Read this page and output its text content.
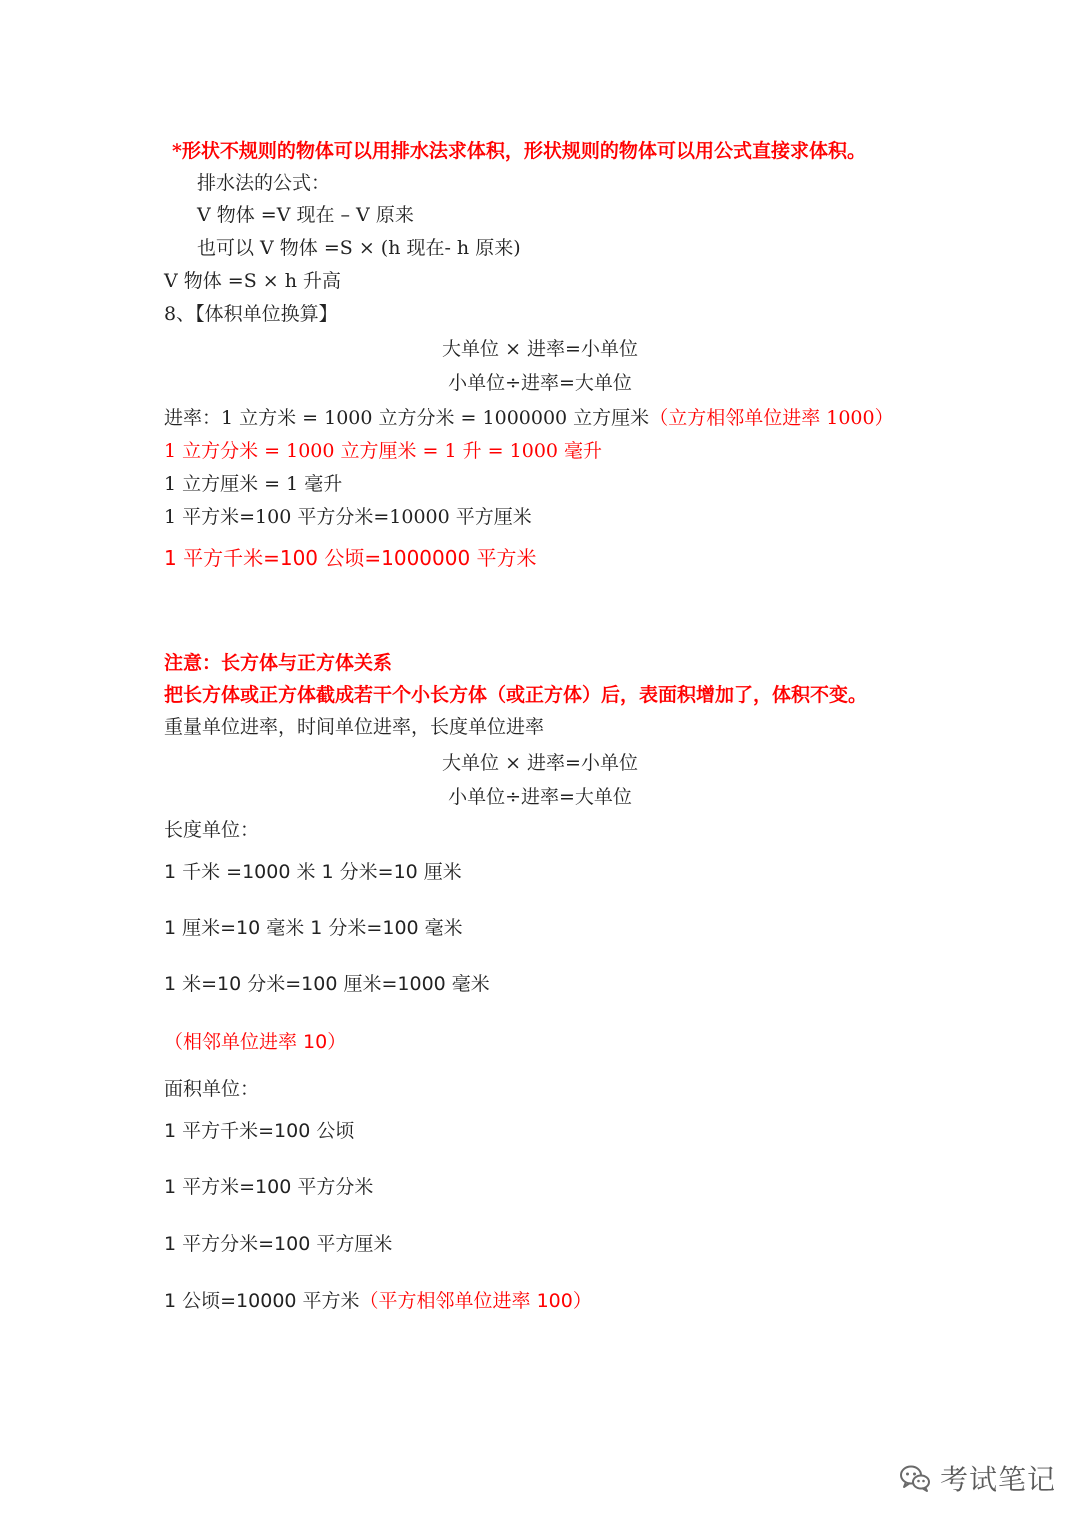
*形状不规则的物体可以用排水法求体积，形状规则的物体可以用公式直接求体积。
排水法的公式：
V 物体 =V 现在 – V 原来
也可以 V 物体 =S × (h 现在- h 原来)
V 物体 =S × h 升高
8、【体积单位换算】
大单位 × 进率=小单位
小单位÷进率=大单位
进率：1 立方米 = 1000 立方分米 = 1000000 立方厘米（立方相邻单位进率 1000）
1 立方分米 = 1000 立方厘米 = 1 升 = 1000 毫升
1 立方厘米 = 1 毫升
1 平方米=100 平方分米=10000 平方厘米
1 平方千米=100 公顷=1000000 平方米
注意：长方体与正方体关系
把长方体或正方体截成若干个小长方体（或正方体）后，表面积增加了，体积不变。
重量单位进率，时间单位进率，长度单位进率
大单位 × 进率=小单位
小单位÷进率=大单位
长度单位：
1 千米 =1000 米 1 分米=10 厘米
1 厘米=10 毫米 1 分米=100 毫米
1 米=10 分米=100 厘米=1000 毫米
（相邻单位进率 10）
面积单位：
1 平方千米=100 公顷
1 平方米=100 平方分米
1 平方分米=100 平方厘米
1 公顷=10000 平方米（平方相邻单位进率 100）
考试笔记
